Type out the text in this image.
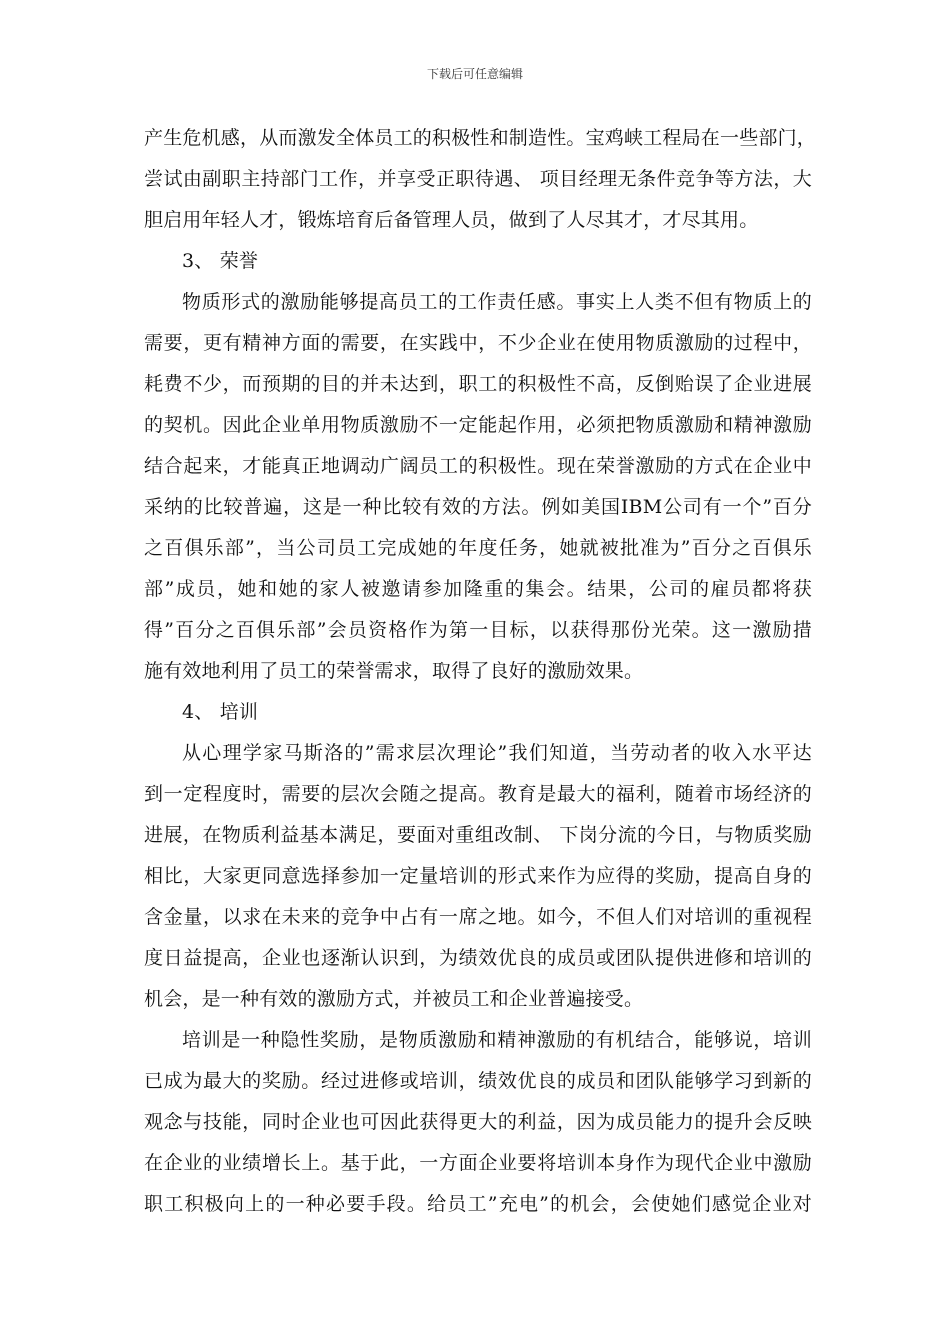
下载后可任意编辑
产生危机感，从而激发全体员工的积极性和制造性。宝鸡峡工程局在一些部门，
尝试由副职主持部门工作，并享受正职待遇、 项目经理无条件竞争等方法，大
胆启用年轻人才，锻炼培育后备管理人员，做到了人尽其才，才尽其用。
3、 荣誉
物质形式的激励能够提高员工的工作责任感。事实上人类不但有物质上的
需要，更有精神方面的需要，在实践中，不少企业在使用物质激励的过程中，
耗费不少，而预期的目的并未达到，职工的积极性不高，反倒贻误了企业进展
的契机。因此企业单用物质激励不一定能起作用，必须把物质激励和精神激励
结合起来，才能真正地调动广阔员工的积极性。现在荣誉激励的方式在企业中
采纳的比较普遍，这是一种比较有效的方法。例如美国IBM公司有一个”百分
之百俱乐部”，当公司员工完成她的年度任务，她就被批准为”百分之百俱乐
部”成员，她和她的家人被邀请参加隆重的集会。结果，公司的雇员都将获
得”百分之百俱乐部”会员资格作为第一目标，以获得那份光荣。这一激励措
施有效地利用了员工的荣誉需求，取得了良好的激励效果。
4、 培训
从心理学家马斯洛的”需求层次理论”我们知道，当劳动者的收入水平达
到一定程度时，需要的层次会随之提高。教育是最大的福利，随着市场经济的
进展，在物质利益基本满足，要面对重组改制、 下岗分流的今日，与物质奖励
相比，大家更同意选择参加一定量培训的形式来作为应得的奖励，提高自身的
含金量，以求在未来的竞争中占有一席之地。如今，不但人们对培训的重视程
度日益提高，企业也逐渐认识到，为绩效优良的成员或团队提供进修和培训的
机会，是一种有效的激励方式，并被员工和企业普遍接受。
培训是一种隐性奖励，是物质激励和精神激励的有机结合，能够说，培训
已成为最大的奖励。经过进修或培训，绩效优良的成员和团队能够学习到新的
观念与技能，同时企业也可因此获得更大的利益，因为成员能力的提升会反映
在企业的业绩增长上。基于此，一方面企业要将培训本身作为现代企业中激励
职工积极向上的一种必要手段。给员工”充电”的机会，会使她们感觉企业对
